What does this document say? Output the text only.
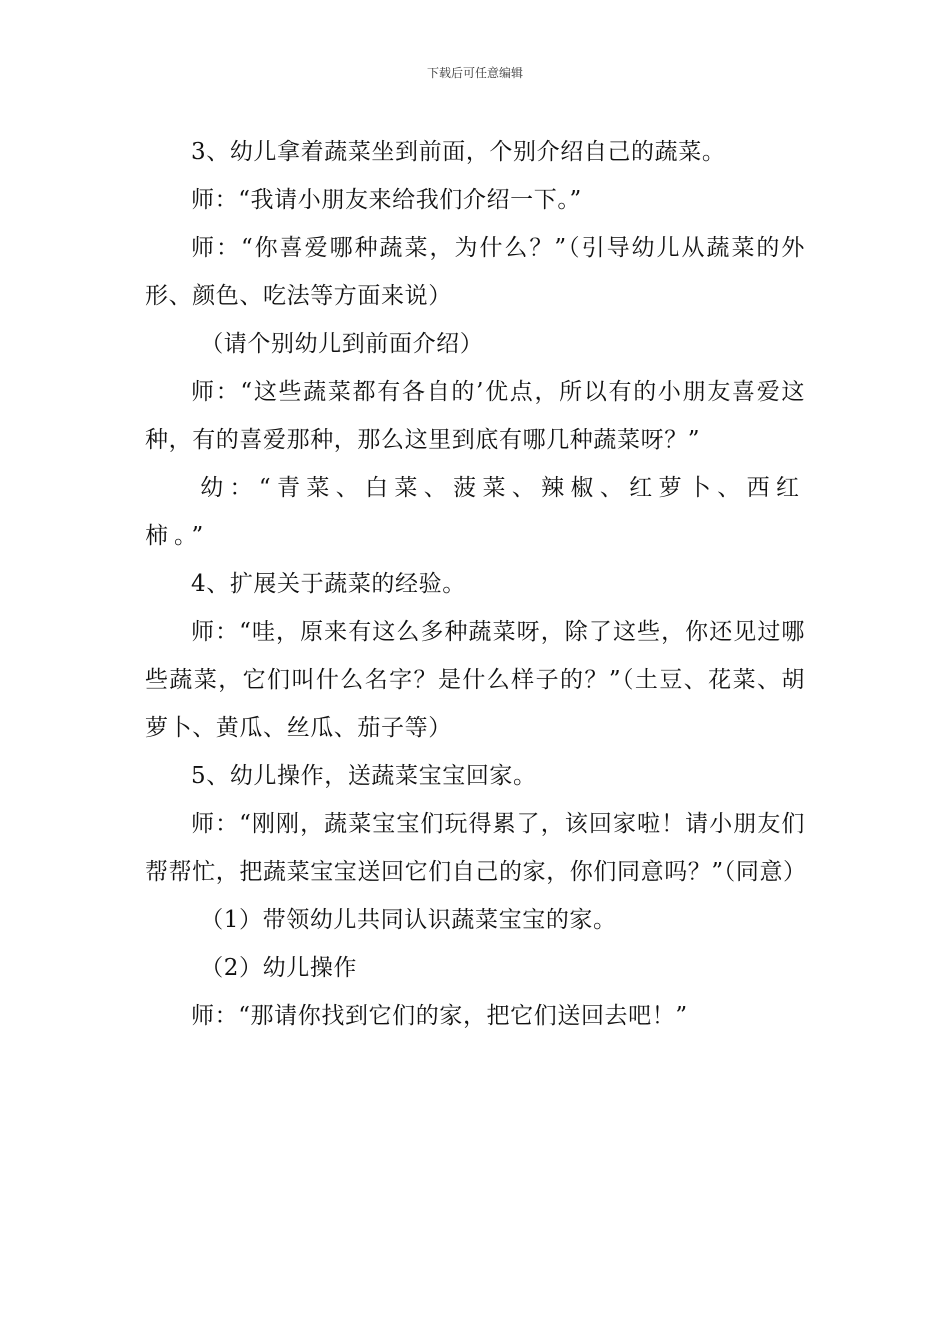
下载后可任意编辑

3、幼儿拿着蔬菜坐到前面，个别介绍自己的蔬菜。

师：“我请小朋友来给我们介绍一下。”

师：“你喜爱哪种蔬菜，为什么？”（引导幼儿从蔬菜的外形、颜色、吃法等方面来说）

（请个别幼儿到前面介绍）

师：“这些蔬菜都有各自的’优点，所以有的小朋友喜爱这种，有的喜爱那种，那么这里到底有哪几种蔬菜呀？”

幼：“青菜、白菜、菠菜、辣椒、红萝卜、西红柿。”

4、扩展关于蔬菜的经验。

师：“哇，原来有这么多种蔬菜呀，除了这些，你还见过哪些蔬菜，它们叫什么名字？是什么样子的？”（土豆、花菜、胡萝卜、黄瓜、丝瓜、茄子等）

5、幼儿操作，送蔬菜宝宝回家。

师：“刚刚，蔬菜宝宝们玩得累了，该回家啦！请小朋友们帮帮忙，把蔬菜宝宝送回它们自己的家，你们同意吗？”（同意）

（1）带领幼儿共同认识蔬菜宝宝的家。

（2）幼儿操作

师：“那请你找到它们的家，把它们送回去吧！”
